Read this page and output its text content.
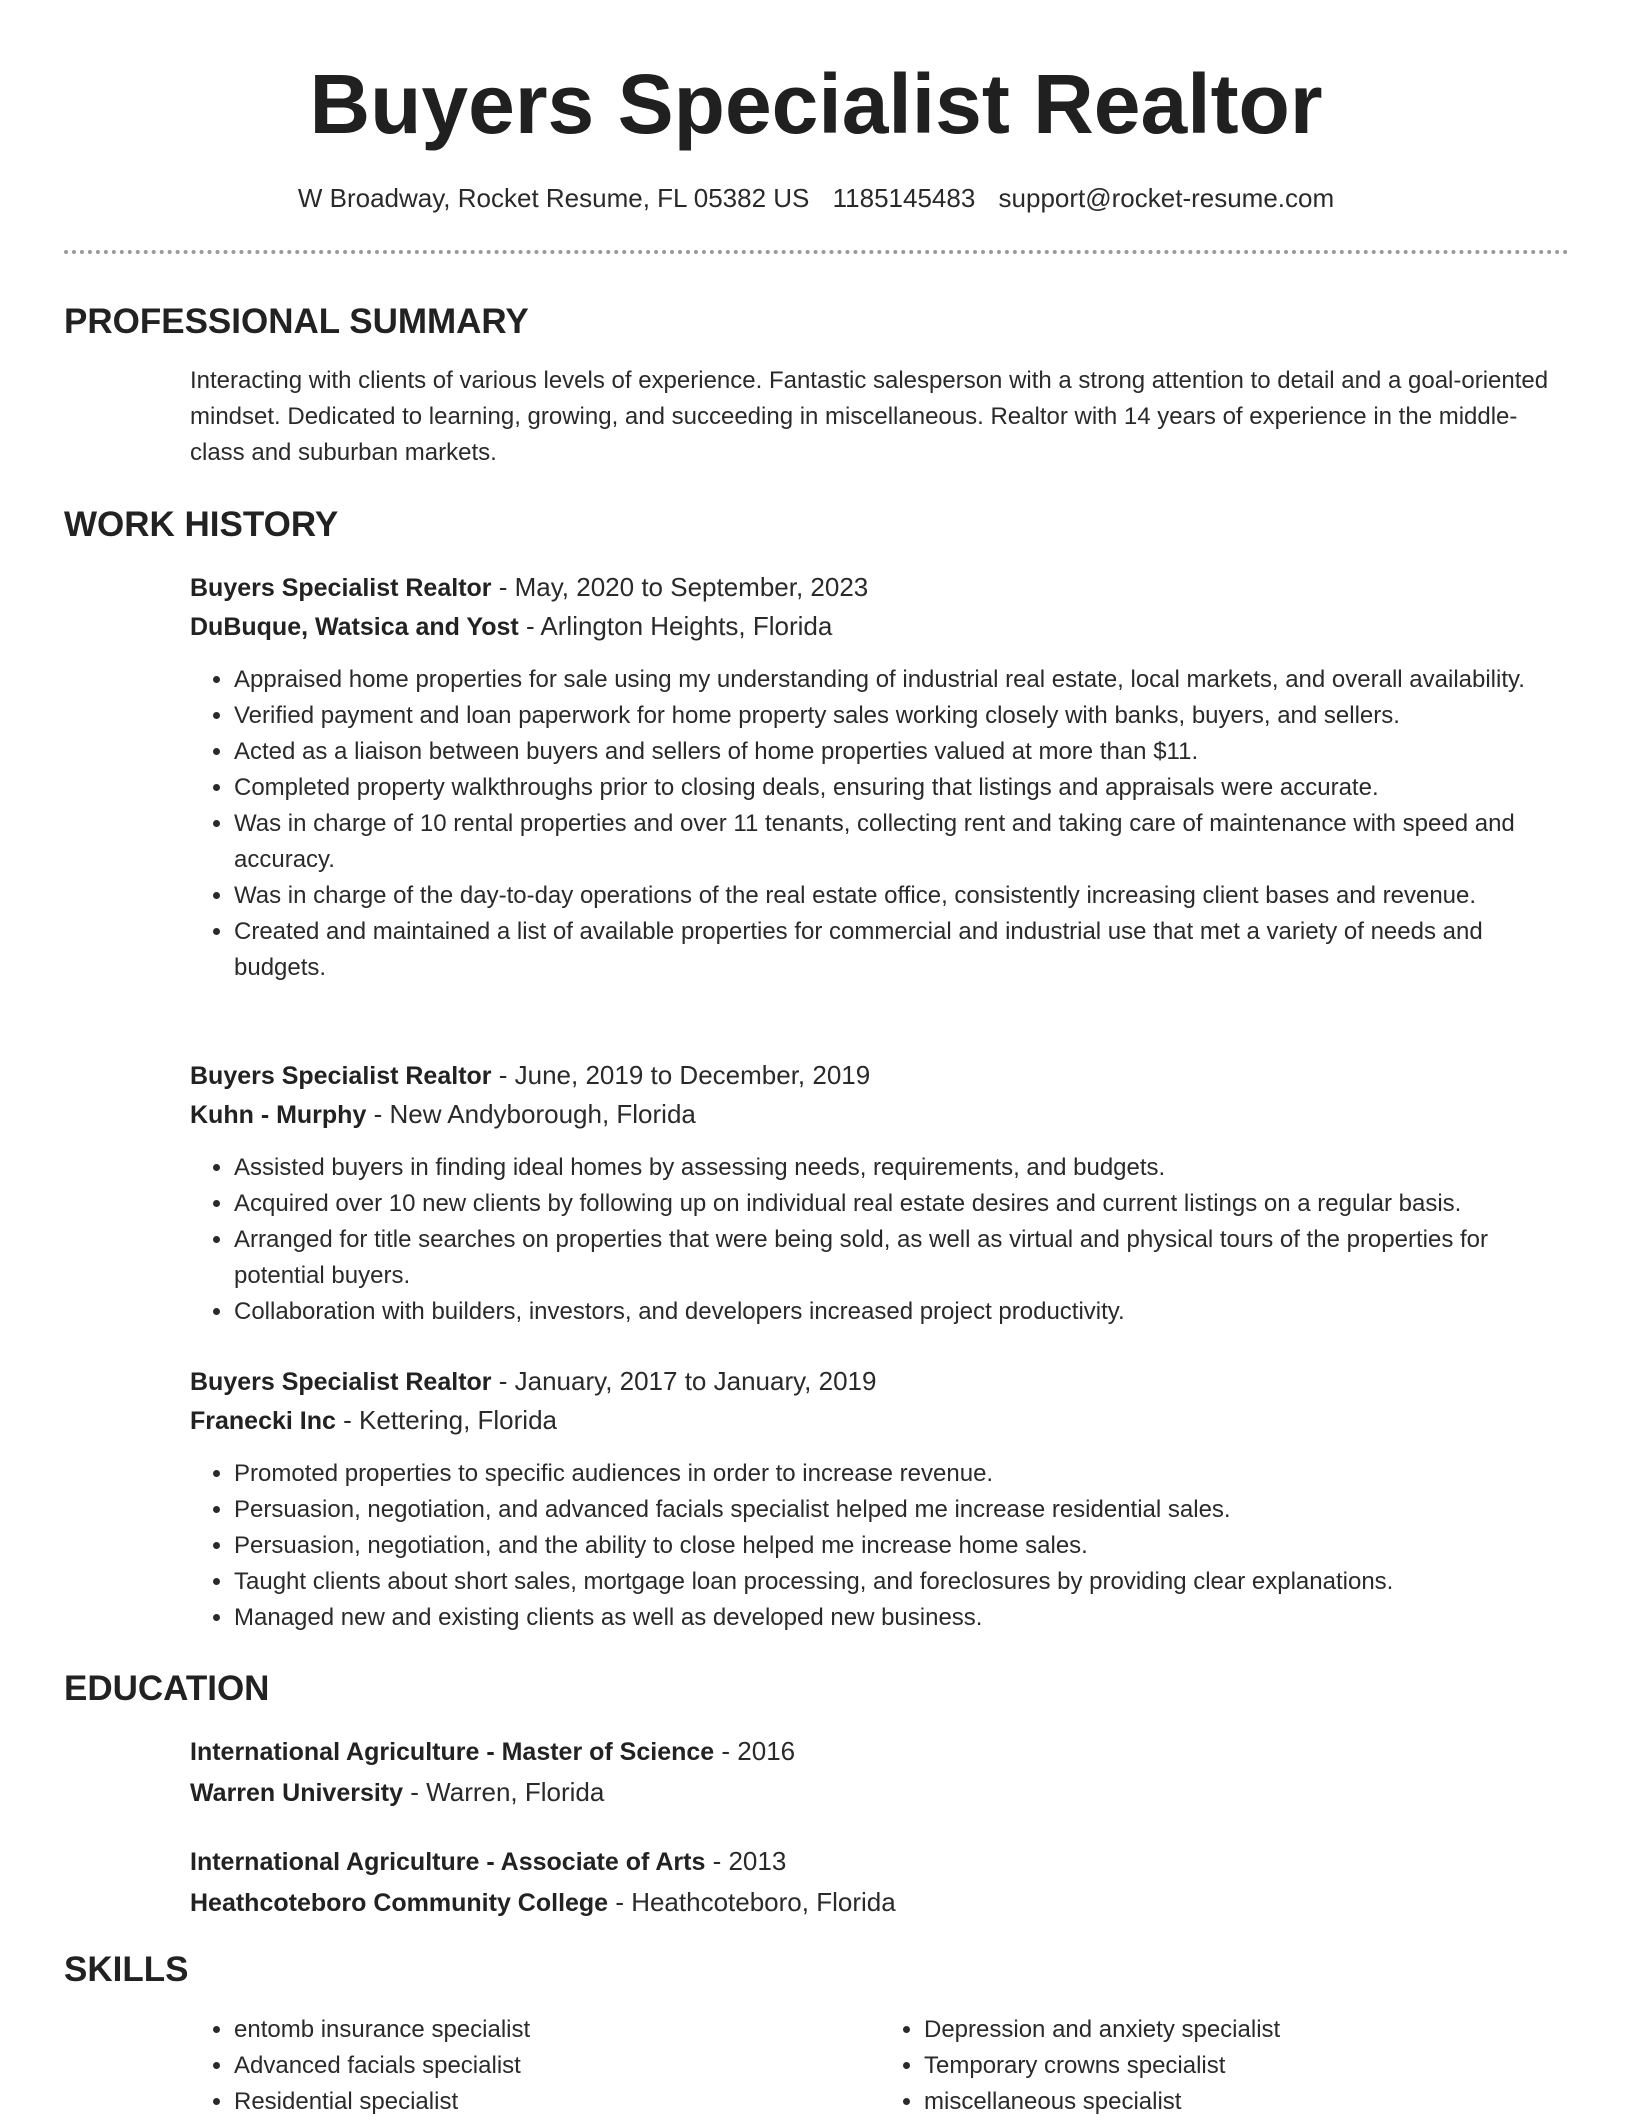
Buyers Specialist Realtor
W Broadway, Rocket Resume, FL 05382 US 1185145483 support@rocket-resume.com
PROFESSIONAL SUMMARY

Interacting with clients of various levels of experience. Fantastic salesperson with a strong attention to detail and a goal-oriented mindset. Dedicated to learning, growing, and succeeding in miscellaneous. Realtor with 14 years of experience in the middle-class and suburban markets.

WORK HISTORY
Buyers Specialist Realtor - May, 2020 to September, 2023
DuBuque, Watsica and Yost - Arlington Heights, Florida
• Appraised home properties for sale using my understanding of industrial real estate, local markets, and overall availability.
• Verified payment and loan paperwork for home property sales working closely with banks, buyers, and sellers.
• Acted as a liaison between buyers and sellers of home properties valued at more than $11.
• Completed property walkthroughs prior to closing deals, ensuring that listings and appraisals were accurate.
• Was in charge of 10 rental properties and over 11 tenants, collecting rent and taking care of maintenance with speed and accuracy.
• Was in charge of the day-to-day operations of the real estate office, consistently increasing client bases and revenue.
• Created and maintained a list of available properties for commercial and industrial use that met a variety of needs and budgets.
Buyers Specialist Realtor - June, 2019 to December, 2019
Kuhn - Murphy - New Andyborough, Florida
• Assisted buyers in finding ideal homes by assessing needs, requirements, and budgets.
• Acquired over 10 new clients by following up on individual real estate desires and current listings on a regular basis.
• Arranged for title searches on properties that were being sold, as well as virtual and physical tours of the properties for potential buyers.
• Collaboration with builders, investors, and developers increased project productivity.
Buyers Specialist Realtor - January, 2017 to January, 2019
Franecki Inc - Kettering, Florida
• Promoted properties to specific audiences in order to increase revenue.
• Persuasion, negotiation, and advanced facials specialist helped me increase residential sales.
• Persuasion, negotiation, and the ability to close helped me increase home sales.
• Taught clients about short sales, mortgage loan processing, and foreclosures by providing clear explanations.
• Managed new and existing clients as well as developed new business.
EDUCATION
International Agriculture - Master of Science - 2016
Warren University - Warren, Florida
International Agriculture - Associate of Arts - 2013
Heathcoteboro Community College - Heathcoteboro, Florida
SKILLS
• entomb insurance specialist
• Advanced facials specialist
• Residential specialist
• Depression and anxiety specialist
• Temporary crowns specialist
• miscellaneous specialist
